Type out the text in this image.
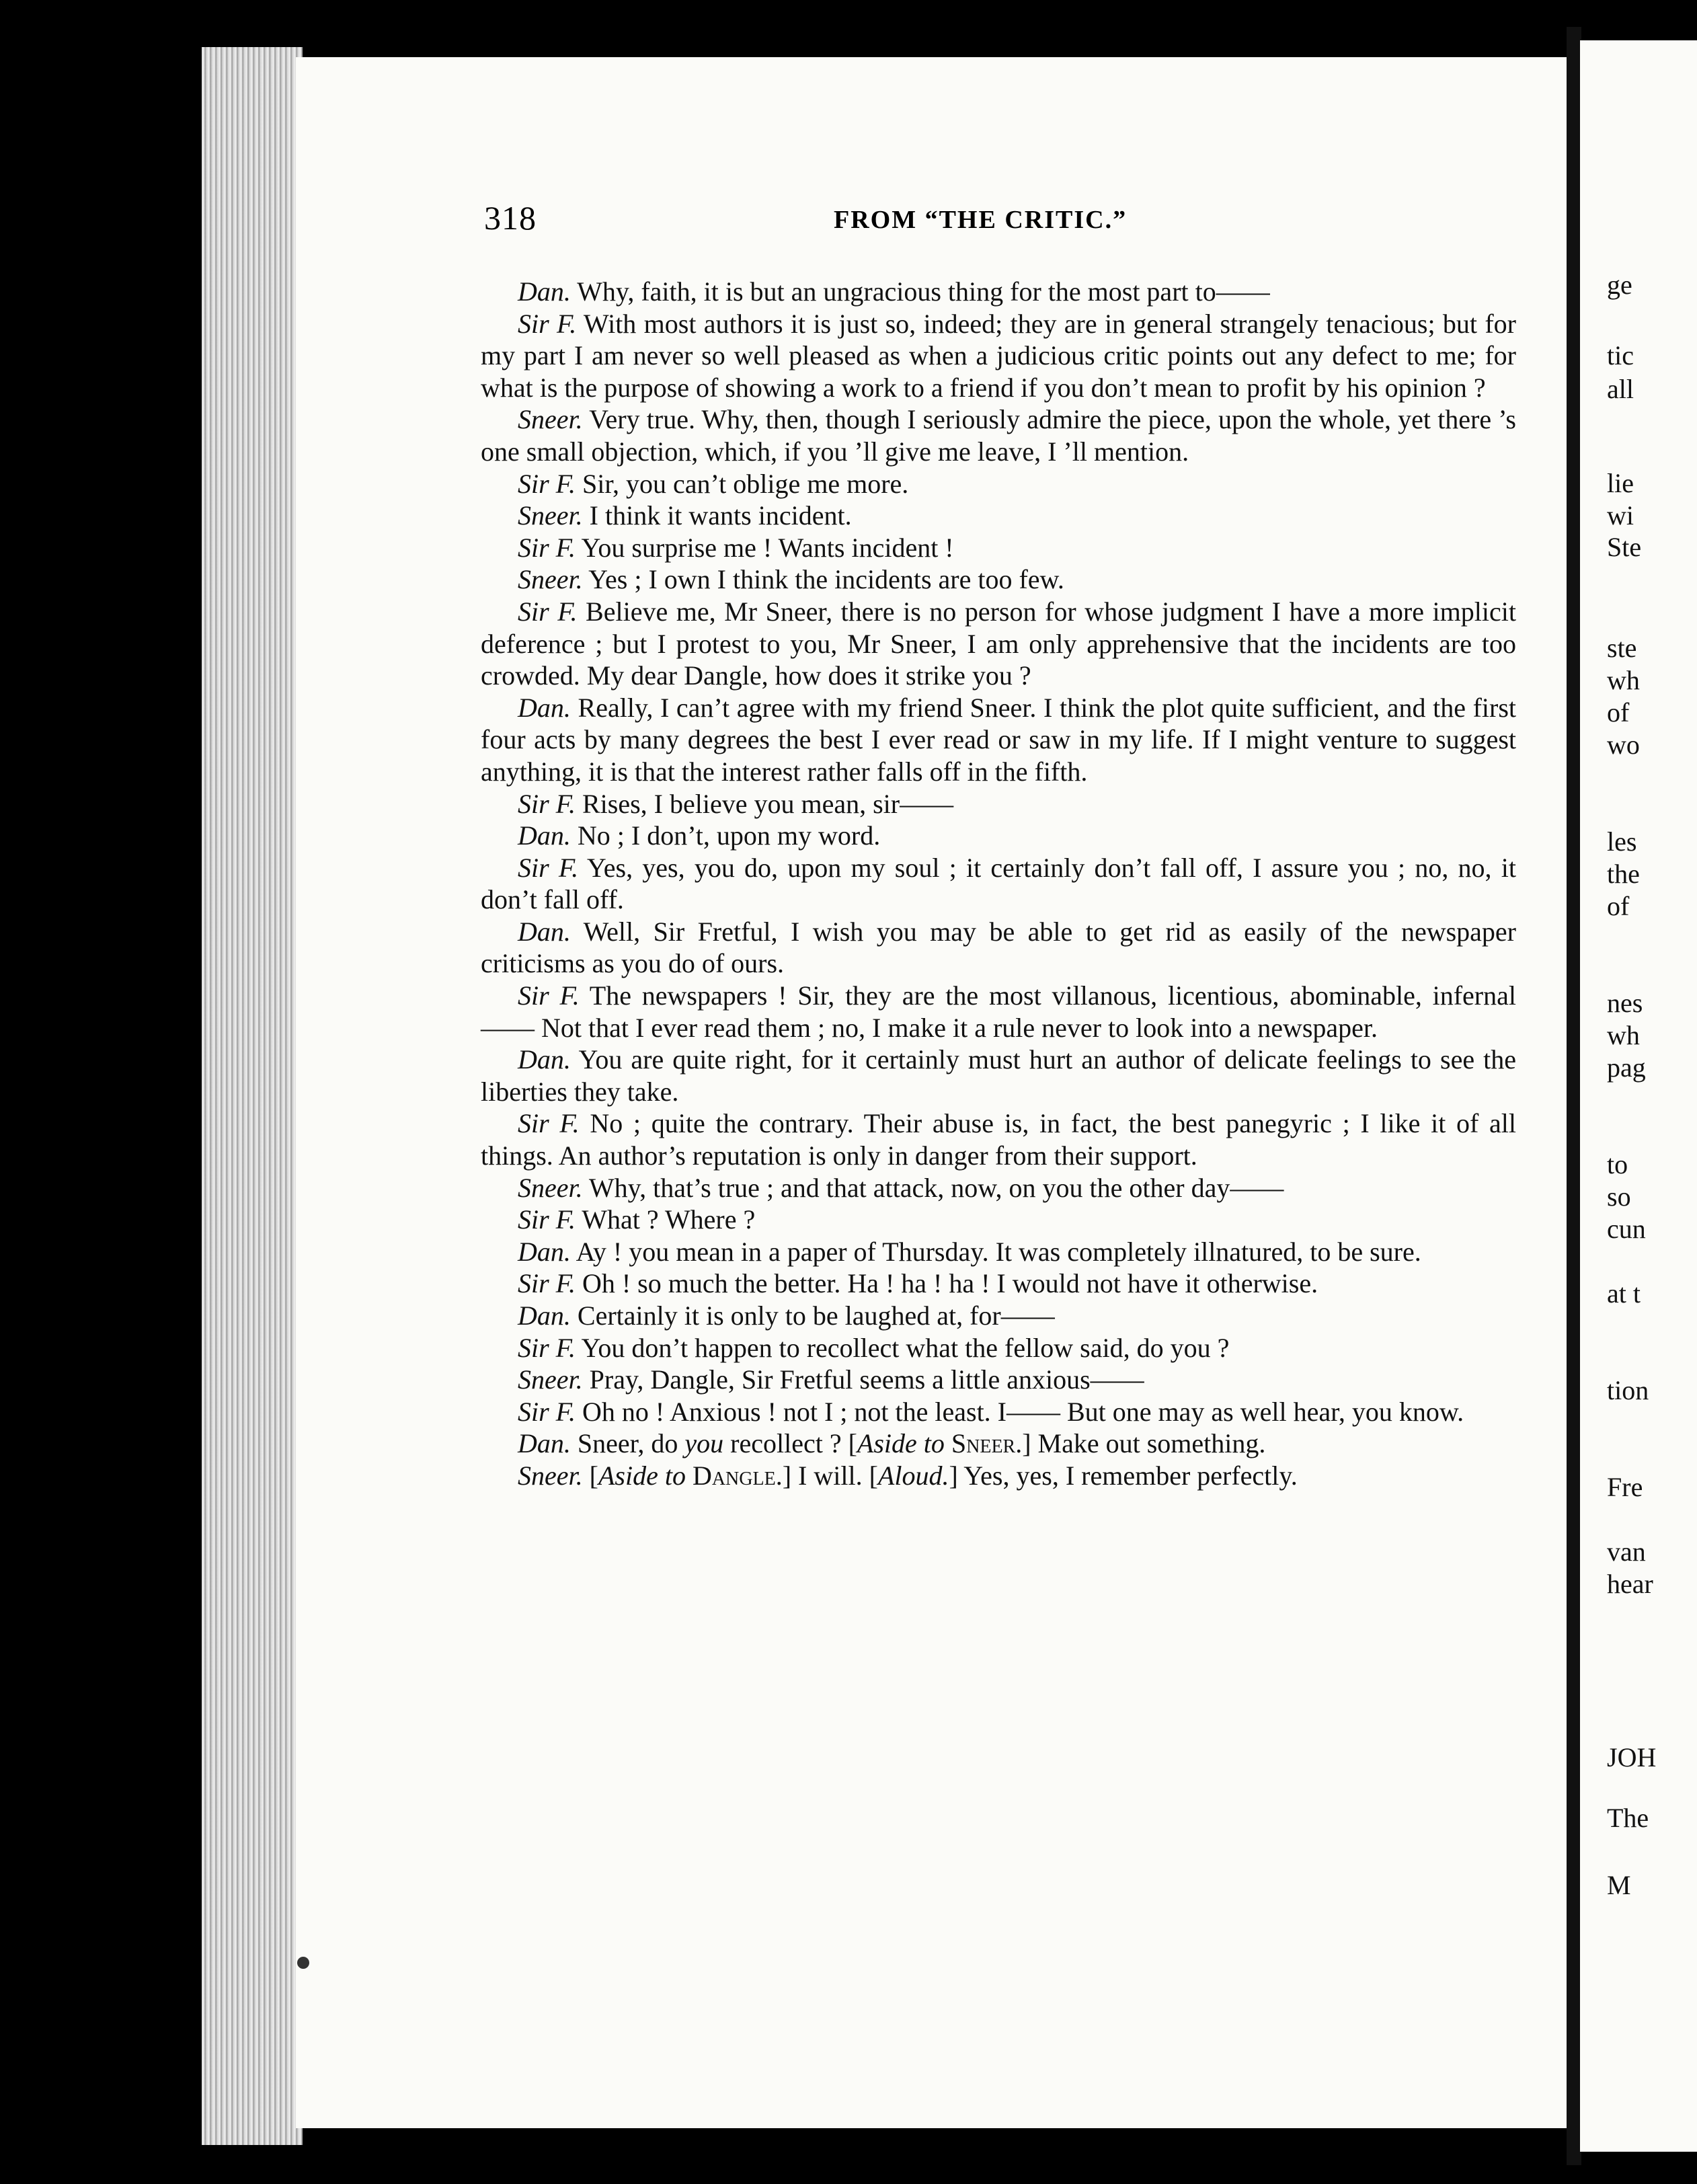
ge
tic
all
lie
wi
Ste
ste
wh
of
wo
les
the
of
nes
wh
pag
to
so
cun
at t
tion
Fre
van
hear
JOH
The
M
318	FROM “THE CRITIC.”

Dan. Why, faith, it is but an ungracious thing for the most part to——

Sir F. With most authors it is just so, indeed; they are in general strangely tenacious; but for my part I am never so well pleased as when a judicious critic points out any defect to me; for what is the purpose of showing a work to a friend if you don’t mean to profit by his opinion ?

Sneer. Very true. Why, then, though I seriously admire the piece, upon the whole, yet there ’s one small objection, which, if you ’ll give me leave, I ’ll mention.

Sir F. Sir, you can’t oblige me more.

Sneer. I think it wants incident.

Sir F. You surprise me ! Wants incident !

Sneer. Yes ; I own I think the incidents are too few.

Sir F. Believe me, Mr Sneer, there is no person for whose judgment I have a more implicit deference ; but I protest to you, Mr Sneer, I am only apprehensive that the incidents are too crowded. My dear Dangle, how does it strike you ?

Dan. Really, I can’t agree with my friend Sneer. I think the plot quite sufficient, and the first four acts by many degrees the best I ever read or saw in my life. If I might venture to suggest anything, it is that the interest rather falls off in the fifth.

Sir F. Rises, I believe you mean, sir——

Dan. No ; I don’t, upon my word.

Sir F. Yes, yes, you do, upon my soul ; it certainly don’t fall off, I assure you ; no, no, it don’t fall off.

Dan. Well, Sir Fretful, I wish you may be able to get rid as easily of the newspaper criticisms as you do of ours.

Sir F. The newspapers ! Sir, they are the most villanous, licentious, abominable, infernal—— Not that I ever read them ; no, I make it a rule never to look into a newspaper.

Dan. You are quite right, for it certainly must hurt an author of delicate feelings to see the liberties they take.

Sir F. No ; quite the contrary. Their abuse is, in fact, the best panegyric ; I like it of all things. An author’s reputation is only in danger from their support.

Sneer. Why, that’s true ; and that attack, now, on you the other day——

Sir F. What ? Where ?

Dan. Ay ! you mean in a paper of Thursday. It was completely illnatured, to be sure.

Sir F. Oh ! so much the better. Ha ! ha ! ha ! I would not have it otherwise.

Dan. Certainly it is only to be laughed at, for——

Sir F. You don’t happen to recollect what the fellow said, do you ?

Sneer. Pray, Dangle, Sir Fretful seems a little anxious——

Sir F. Oh no ! Anxious ! not I ; not the least. I—— But one may as well hear, you know.

Dan. Sneer, do you recollect ? [Aside to Sneer.] Make out something.

Sneer. [Aside to Dangle.] I will. [Aloud.] Yes, yes, I remember perfectly.
